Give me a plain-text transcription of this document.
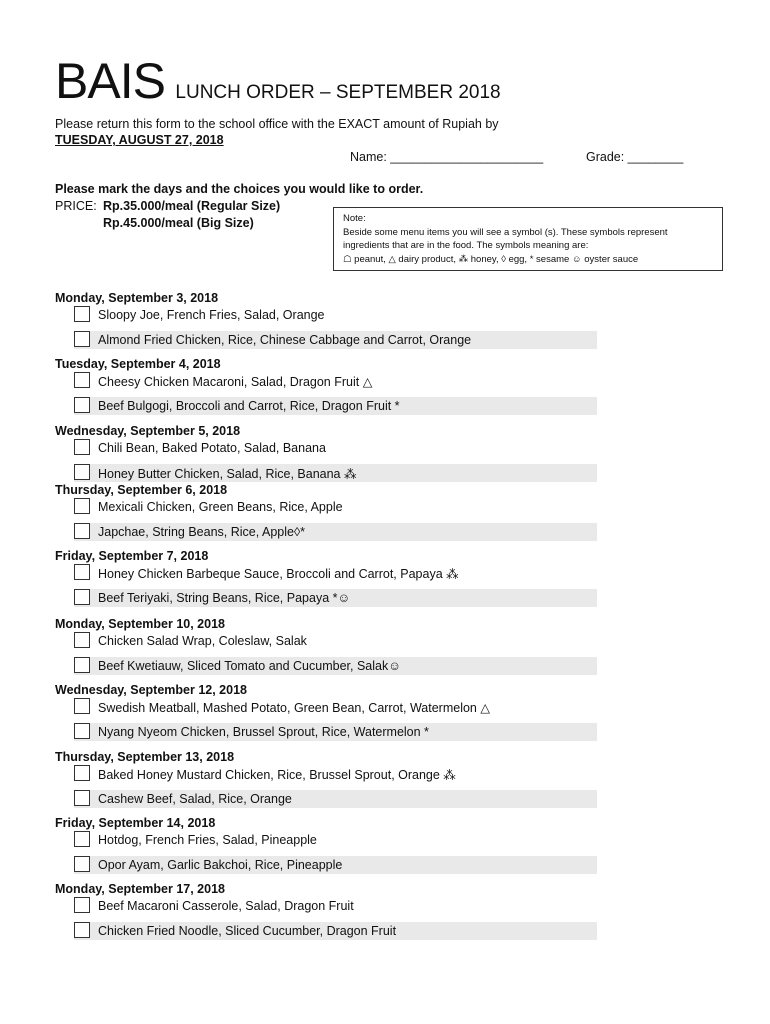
BAIS LUNCH ORDER – SEPTEMBER 2018
Please return this form to the school office with the EXACT amount of Rupiah by
TUESDAY, AUGUST 27, 2018
Name: ______________________	Grade: ________
Please mark the days and the choices you would like to order.
PRICE: Rp.35.000/meal (Regular Size)
Rp.45.000/meal (Big Size)	Note:
Beside some menu items you will see a symbol (s). These symbols represent
ingredients that are in the food. The symbols meaning are:
☖ peanut, △ dairy product, ⁂ honey, ◊ egg, * sesame ☺ oyster sauce
Monday, September 3, 2018
Sloopy Joe, French Fries, Salad, Orange
Almond Fried Chicken, Rice, Chinese Cabbage and Carrot, Orange
Tuesday, September 4, 2018
Cheesy Chicken Macaroni, Salad, Dragon Fruit △
Beef Bulgogi, Broccoli and Carrot, Rice, Dragon Fruit *
Wednesday, September 5, 2018
Chili Bean, Baked Potato, Salad, Banana
Honey Butter Chicken, Salad, Rice, Banana ⁂
Thursday, September 6, 2018
Mexicali Chicken, Green Beans, Rice, Apple
Japchae, String Beans, Rice, Apple◊*
Friday, September 7, 2018
Honey Chicken Barbeque Sauce, Broccoli and Carrot, Papaya ⁂
Beef Teriyaki, String Beans, Rice, Papaya *☺
Monday, September 10, 2018
Chicken Salad Wrap, Coleslaw, Salak
Beef Kwetiauw, Sliced Tomato and Cucumber, Salak☺
Wednesday, September 12, 2018
Swedish Meatball, Mashed Potato, Green Bean, Carrot, Watermelon △
Nyang Nyeom Chicken, Brussel Sprout, Rice, Watermelon *
Thursday, September 13, 2018
Baked Honey Mustard Chicken, Rice, Brussel Sprout, Orange ⁂
Cashew Beef, Salad, Rice, Orange
Friday, September 14, 2018
Hotdog, French Fries, Salad, Pineapple
Opor Ayam, Garlic Bakchoi, Rice, Pineapple
Monday, September 17, 2018
Beef Macaroni Casserole, Salad, Dragon Fruit
Chicken Fried Noodle, Sliced Cucumber, Dragon Fruit
